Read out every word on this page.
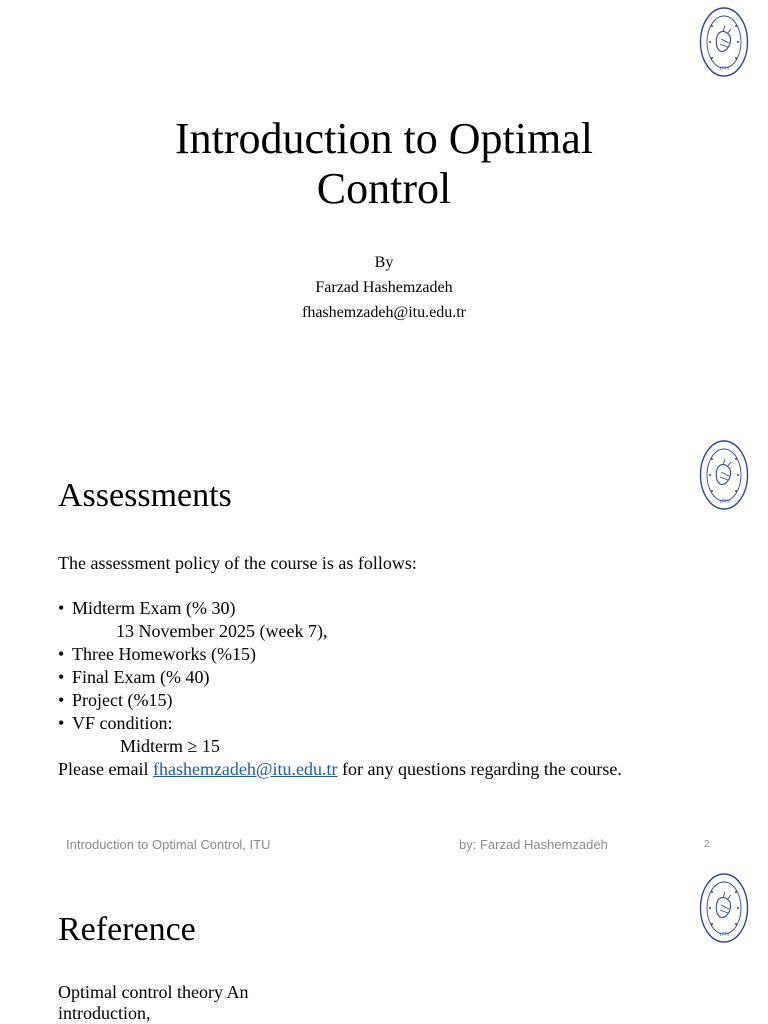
1773
Introduction to Optimal
Control
By
Farzad Hashemzadeh
fhashemzadeh@itu.edu.tr
1773
Assessments
The assessment policy of the course is as follows:
• Midterm Exam (% 30)
13 November 2025 (week 7),
• Three Homeworks (%15)
• Final Exam (% 40)
• Project (%15)
• VF condition:
Midterm ≥ 15
Please email fhashemzadeh@itu.edu.tr for any questions regarding the course.
Introduction to Optimal Control, ITU	by: Farzad Hashemzadeh	2
1773
Reference
Optimal control theory An
introduction,
